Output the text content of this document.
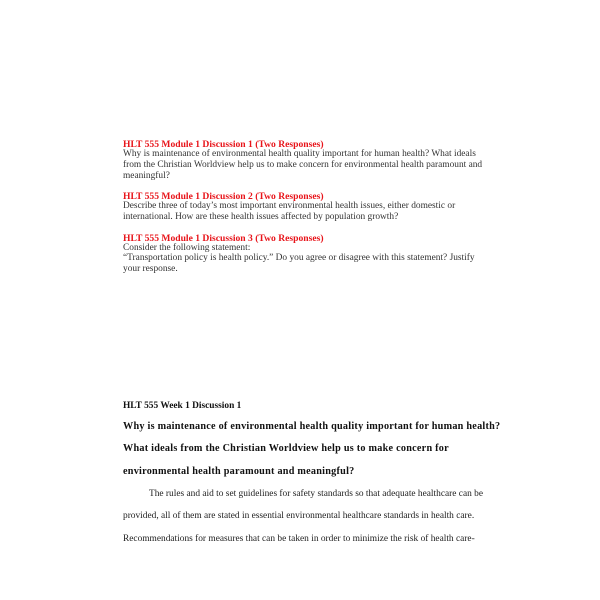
HLT 555 Module 1 Discussion 1 (Two Responses)
Why is maintenance of environmental health quality important for human health? What ideals
from the Christian Worldview help us to make concern for environmental health paramount and
meaningful?
HLT 555 Module 1 Discussion 2 (Two Responses)
Describe three of today’s most important environmental health issues, either domestic or
international. How are these health issues affected by population growth?
HLT 555 Module 1 Discussion 3 (Two Responses)
Consider the following statement:
“Transportation policy is health policy.” Do you agree or disagree with this statement? Justify
your response.
HLT 555 Week 1 Discussion 1
Why is maintenance of environmental health quality important for human health?
What ideals from the Christian Worldview help us to make concern for
environmental health paramount and meaningful?
The rules and aid to set guidelines for safety standards so that adequate healthcare can be
provided, all of them are stated in essential environmental healthcare standards in health care.
Recommendations for measures that can be taken in order to minimize the risk of health care-
